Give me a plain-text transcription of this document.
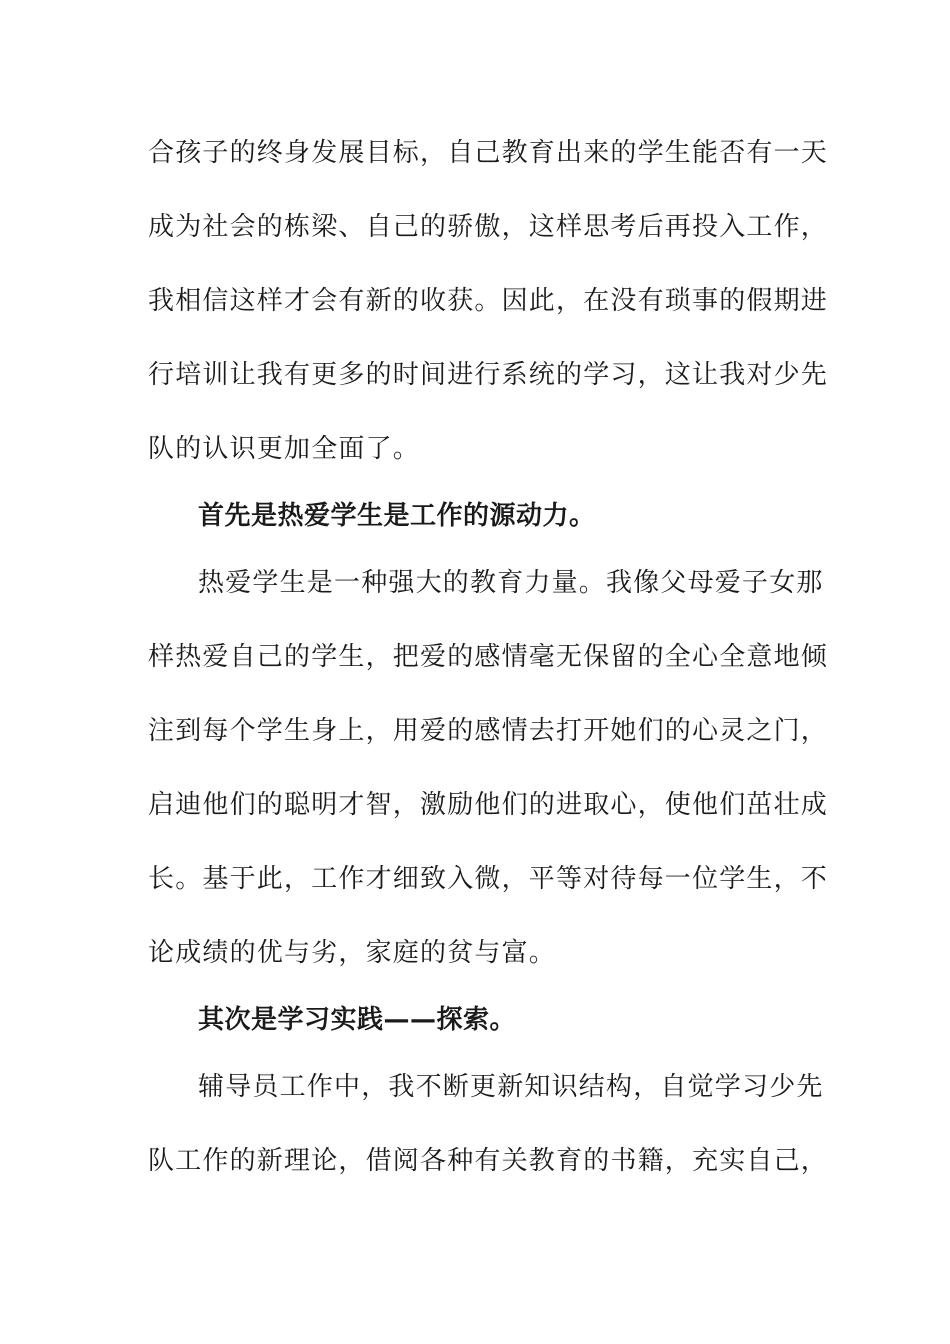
合孩子的终身发展目标，自己教育出来的学生能否有一天
成为社会的栋梁、自己的骄傲，这样思考后再投入工作，
我相信这样才会有新的收获。因此，在没有琐事的假期进
行培训让我有更多的时间进行系统的学习，这让我对少先
队的认识更加全面了。
首先是热爱学生是工作的源动力。
热爱学生是一种强大的教育力量。我像父母爱子女那
样热爱自己的学生，把爱的感情毫无保留的全心全意地倾
注到每个学生身上，用爱的感情去打开她们的心灵之门，
启迪他们的聪明才智，激励他们的进取心，使他们茁壮成
长。基于此，工作才细致入微，平等对待每一位学生，不
论成绩的优与劣，家庭的贫与富。
其次是学习实践——探索。
辅导员工作中，我不断更新知识结构，自觉学习少先
队工作的新理论，借阅各种有关教育的书籍，充实自己，
